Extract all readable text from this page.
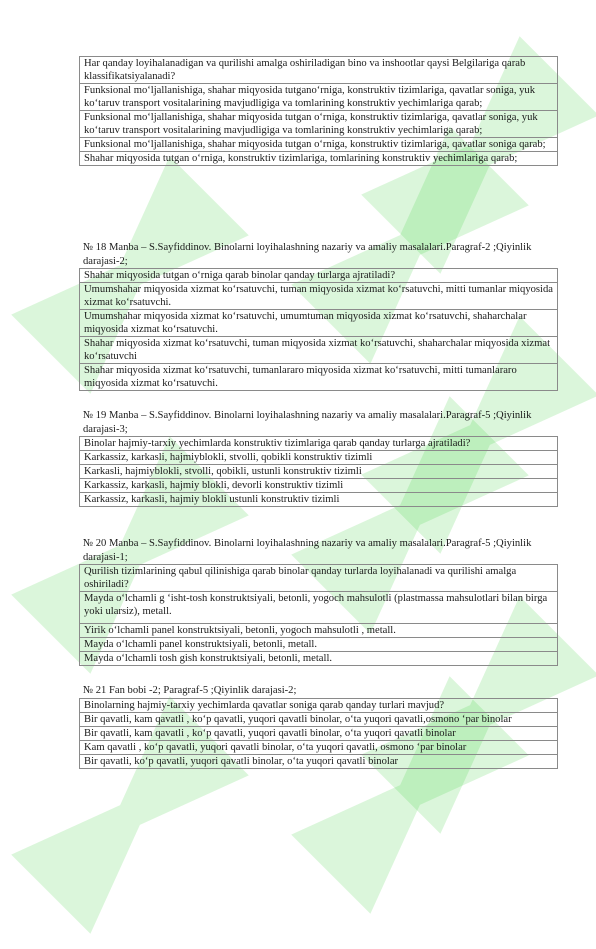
Har qanday loyihalanadigan va qurilishi amalga oshiriladigan bino va inshootlar qaysi Belgilariga qarab klassifikatsiyalanadi?
Funksional mo‘ljallanishiga, shahar miqyosida tutgano‘rniga, konstruktiv tizimlariga, qavatlar soniga, yuk ko‘taruv transport vositalarining mavjudligiga va tomlarining konstruktiv yechimlariga qarab;
Funksional mo‘ljallanishiga, shahar miqyosida tutgan o‘rniga, konstruktiv tizimlariga, qavatlar soniga, yuk ko‘taruv transport vositalarining mavjudligiga va tomlarining konstruktiv yechimlariga qarab;
Funksional mo‘ljallanishiga, shahar miqyosida tutgan o‘rniga, konstruktiv tizimlariga, qavatlar soniga qarab;
Shahar miqyosida tutgan o‘rniga, konstruktiv tizimlariga, tomlarining konstruktiv yechimlariga qarab;
№ 18 Manba – S.Sayfiddinov. Binolarni loyihalashning nazariy va amaliy masalalari.Paragraf-2 ;Qiyinlik darajasi-2;
Shahar miqyosida tutgan o‘rniga qarab binolar qanday turlarga ajratiladi?
Umumshahar miqyosida xizmat ko‘rsatuvchi, tuman miqyosida xizmat ko‘rsatuvchi, mitti tumanlar miqyosida xizmat ko‘rsatuvchi.
Umumshahar miqyosida xizmat ko‘rsatuvchi, umumtuman miqyosida xizmat ko‘rsatuvchi, shaharchalar miqyosida xizmat ko‘rsatuvchi.
Shahar miqyosida xizmat ko‘rsatuvchi, tuman miqyosida xizmat ko‘rsatuvchi, shaharchalar miqyosida xizmat ko‘rsatuvchi
Shahar miqyosida xizmat ko‘rsatuvchi, tumanlararo miqyosida xizmat ko‘rsatuvchi, mitti tumanlararo miqyosida xizmat ko‘rsatuvchi.
№ 19 Manba – S.Sayfiddinov. Binolarni loyihalashning nazariy va amaliy masalalari.Paragraf-5 ;Qiyinlik darajasi-3;
Binolar hajmiy-tarxiy yechimlarda konstruktiv tizimlariga qarab qanday turlarga ajratiladi?
Karkassiz, karkasli, hajmiyblokli, stvolli, qobikli konstruktiv tizimli
Karkasli, hajmiyblokli, stvolli, qobikli, ustunli konstruktiv tizimli
Karkassiz, karkasli, hajmiy blokli, devorli konstruktiv tizimli
Karkassiz, karkasli, hajmiy blokli ustunli konstruktiv tizimli
№ 20 Manba – S.Sayfiddinov. Binolarni loyihalashning nazariy va amaliy masalalari.Paragraf-5 ;Qiyinlik darajasi-1;
Qurilish tizimlarining qabul qilinishiga qarab binolar qanday turlarda loyihalanadi va qurilishi amalga oshiriladi?
Mayda o‘lchamli g ‘isht-tosh konstruktsiyali, betonli, yogoch mahsulotli (plastmassa mahsulotlari bilan birga yoki ularsiz), metall.
Yirik o‘lchamli panel konstruktsiyali, betonli, yogoch mahsulotli , metall.
Mayda o‘lchamli panel konstruktsiyali, betonli, metall.
Mayda o‘lchamli tosh gish konstruktsiyali, betonli, metall.
№ 21 Fan bobi -2; Paragraf-5 ;Qiyinlik darajasi-2;
Binolarning hajmiy-tarxiy yechimlarda qavatlar soniga qarab qanday turlari mavjud?
Bir qavatli, kam qavatli , ko‘p qavatli, yuqori qavatli binolar, o‘ta yuqori qavatli,osmono ‘par binolar
Bir qavatli, kam qavatli , ko‘p qavatli, yuqori qavatli binolar, o‘ta yuqori qavatli binolar
Kam qavatli , ko‘p qavatli, yuqori qavatli binolar, o‘ta yuqori qavatli, osmono ‘par binolar
Bir qavatli, ko‘p qavatli, yuqori qavatli binolar, o‘ta yuqori qavatli binolar
